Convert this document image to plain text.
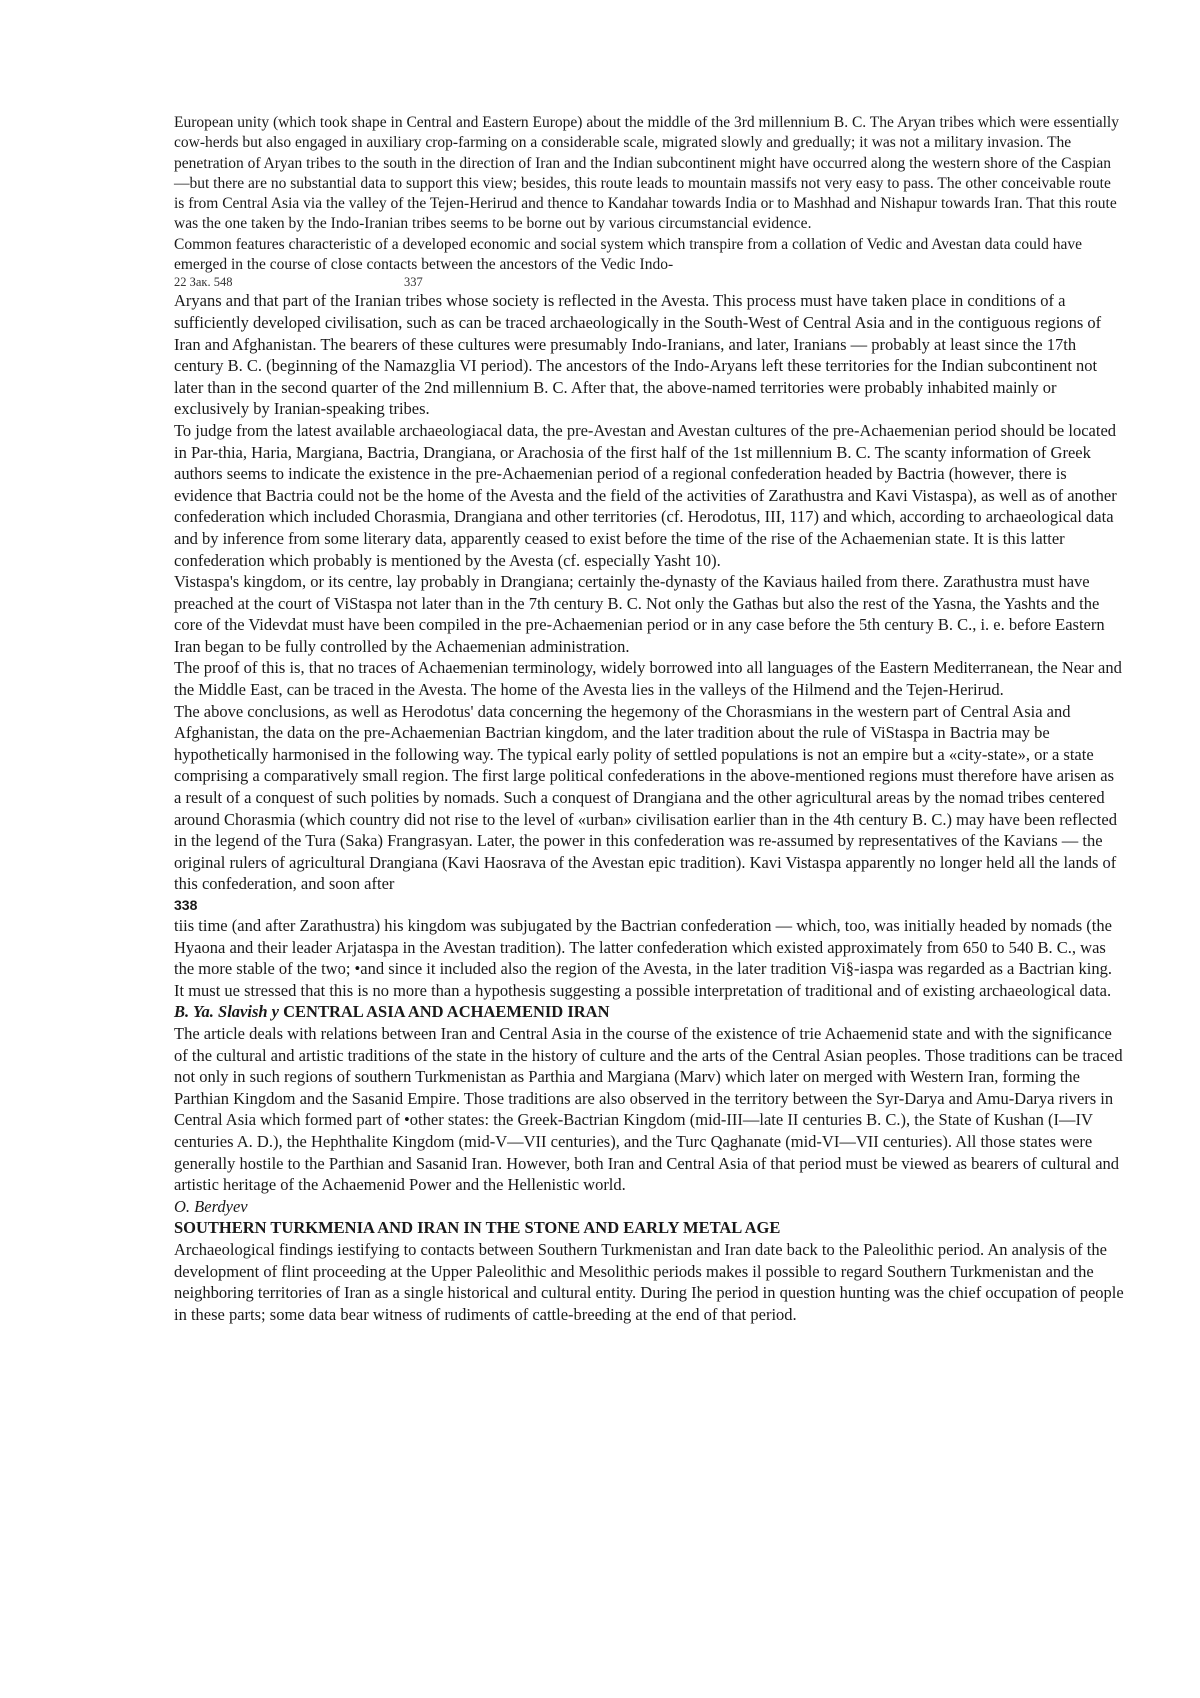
European unity (which took shape in Central and Eastern Europe) about the middle of the 3rd millennium B. C. The Aryan tribes which were essentially cow-herds but also engaged in auxiliary crop-farming on a considerable scale, migrated slowly and gredually; it was not a military invasion. The penetration of Aryan tribes to the south in the direction of Iran and the Indian subcontinent might have occurred along the western shore of the Caspian—but there are no substantial data to support this view; besides, this route leads to mountain massifs not very easy to pass. The other conceivable route is from Central Asia via the valley of the Tejen-Herirud and thence to Kandahar towards India or to Mashhad and Nishapur towards Iran. That this route was the one taken by the Indo-Iranian tribes seems to be borne out by various circumstancial evidence.

Common features characteristic of a developed economic and social system which transpire from a collation of Vedic and Avestan data could have emerged in the course of close contacts between the ancestors of the Vedic Indo-

22 Зак. 548	337

Aryans and that part of the Iranian tribes whose society is reflected in the Avesta. This process must have taken place in conditions of a sufficiently developed civilisation, such as can be traced archaeologically in the South-West of Central Asia and in the contiguous regions of Iran and Afghanistan. The bearers of these cultures were presumably Indo-Iranians, and later, Iranians — probably at least since the 17th century B. C. (beginning of the Namazglia VI period). The ancestors of the Indo-Aryans left these territories for the Indian subcontinent not later than in the second quarter of the 2nd millennium B. C. After that, the above-named territories were probably inhabited mainly or exclusively by Iranian-speaking tribes.

To judge from the latest available archaeologiacal data, the pre-Avestan and Avestan cultures of the pre-Achaemenian period should be located in Par-thia, Haria, Margiana, Bactria, Drangiana, or Arachosia of the first half of the 1st millennium B. C. The scanty information of Greek authors seems to indicate the existence in the pre-Achaemenian period of a regional confederation headed by Bactria (however, there is evidence that Bactria could not be the home of the Avesta and the field of the activities of Zarathustra and Kavi Vistaspa), as well as of another confederation which included Chorasmia, Drangiana and other territories (cf. Herodotus, III, 117) and which, according to archaeological data and by inference from some literary data, apparently ceased to exist before the time of the rise of the Achaemenian state. It is this latter confederation which probably is mentioned by the Avesta (cf. especially Yasht 10).

Vistaspa's kingdom, or its centre, lay probably in Drangiana; certainly the-dynasty of the Kaviaus hailed from there. Zarathustra must have preached at the court of ViStaspa not later than in the 7th century B. C. Not only the Gathas but also the rest of the Yasna, the Yashts and the core of the Videvdat must have been compiled in the pre-Achaemenian period or in any case before the 5th century B. C., i. e. before Eastern Iran began to be fully controlled by the Achaemenian administration.

The proof of this is, that no traces of Achaemenian terminology, widely borrowed into all languages of the Eastern Mediterranean, the Near and the Middle East, can be traced in the Avesta. The home of the Avesta lies in the valleys of the Hilmend and the Tejen-Herirud.

The above conclusions, as well as Herodotus' data concerning the hegemony of the Chorasmians in the western part of Central Asia and Afghanistan, the data on the pre-Achaemenian Bactrian kingdom, and the later tradition about the rule of ViStaspa in Bactria may be hypothetically harmonised in the following way. The typical early polity of settled populations is not an empire but a «city-state», or a state comprising a comparatively small region. The first large political confederations in the above-mentioned regions must therefore have arisen as a result of a conquest of such polities by nomads. Such a conquest of Drangiana and the other agricultural areas by the nomad tribes centered around Chorasmia (which country did not rise to the level of «urban» civilisation earlier than in the 4th century B. C.) may have been reflected in the legend of the Tura (Saka) Frangrasyan. Later, the power in this confederation was re-assumed by representatives of the Kavians — the original rulers of agricultural Drangiana (Kavi Haosrava of the Avestan epic tradition). Kavi Vistaspa apparently no longer held all the lands of this confederation, and soon after

338

tiis time (and after Zarathustra) his kingdom was subjugated by the Bactrian confederation — which, too, was initially headed by nomads (the Hyaona and their leader Arjataspa in the Avestan tradition). The latter confederation which existed approximately from 650 to 540 B. C., was the more stable of the two; •and since it included also the region of the Avesta, in the later tradition Vi§-iaspa was regarded as a Bactrian king.

It must ue stressed that this is no more than a hypothesis suggesting a possible interpretation of traditional and of existing archaeological data.

B. Ya. Slavish y CENTRAL ASIA AND ACHAEMENID IRAN

The article deals with relations between Iran and Central Asia in the course of the existence of trie Achaemenid state and with the significance of the cultural and artistic traditions of the state in the history of culture and the arts of the Central Asian peoples. Those traditions can be traced not only in such regions of southern Turkmenistan as Parthia and Margiana (Marv) which later on merged with Western Iran, forming the Parthian Kingdom and the Sasanid Empire. Those traditions are also observed in the territory between the Syr-Darya and Amu-Darya rivers in Central Asia which formed part of •other states: the Greek-Bactrian Kingdom (mid-III—late II centuries B. C.), the State of Kushan (I—IV centuries A. D.), the Hephthalite Kingdom (mid-V—VII centuries), and the Turc Qaghanate (mid-VI—VII centuries). All those states were generally hostile to the Parthian and Sasanid Iran. However, both Iran and Central Asia of that period must be viewed as bearers of cultural and artistic heritage of the Achaemenid Power and the Hellenistic world.

O. Berdyev

SOUTHERN TURKMENIA AND IRAN IN THE STONE AND EARLY METAL AGE

Archaeological findings iestifying to contacts between Southern Turkmenistan and Iran date back to the Paleolithic period. An analysis of the development of flint proceeding at the Upper Paleolithic and Mesolithic periods makes il possible to regard Southern Turkmenistan and the neighboring territories of Iran as a single historical and cultural entity. During Ihe period in question hunting was the chief occupation of people in these parts; some data bear witness of rudiments of cattle-breeding at the end of that period.
